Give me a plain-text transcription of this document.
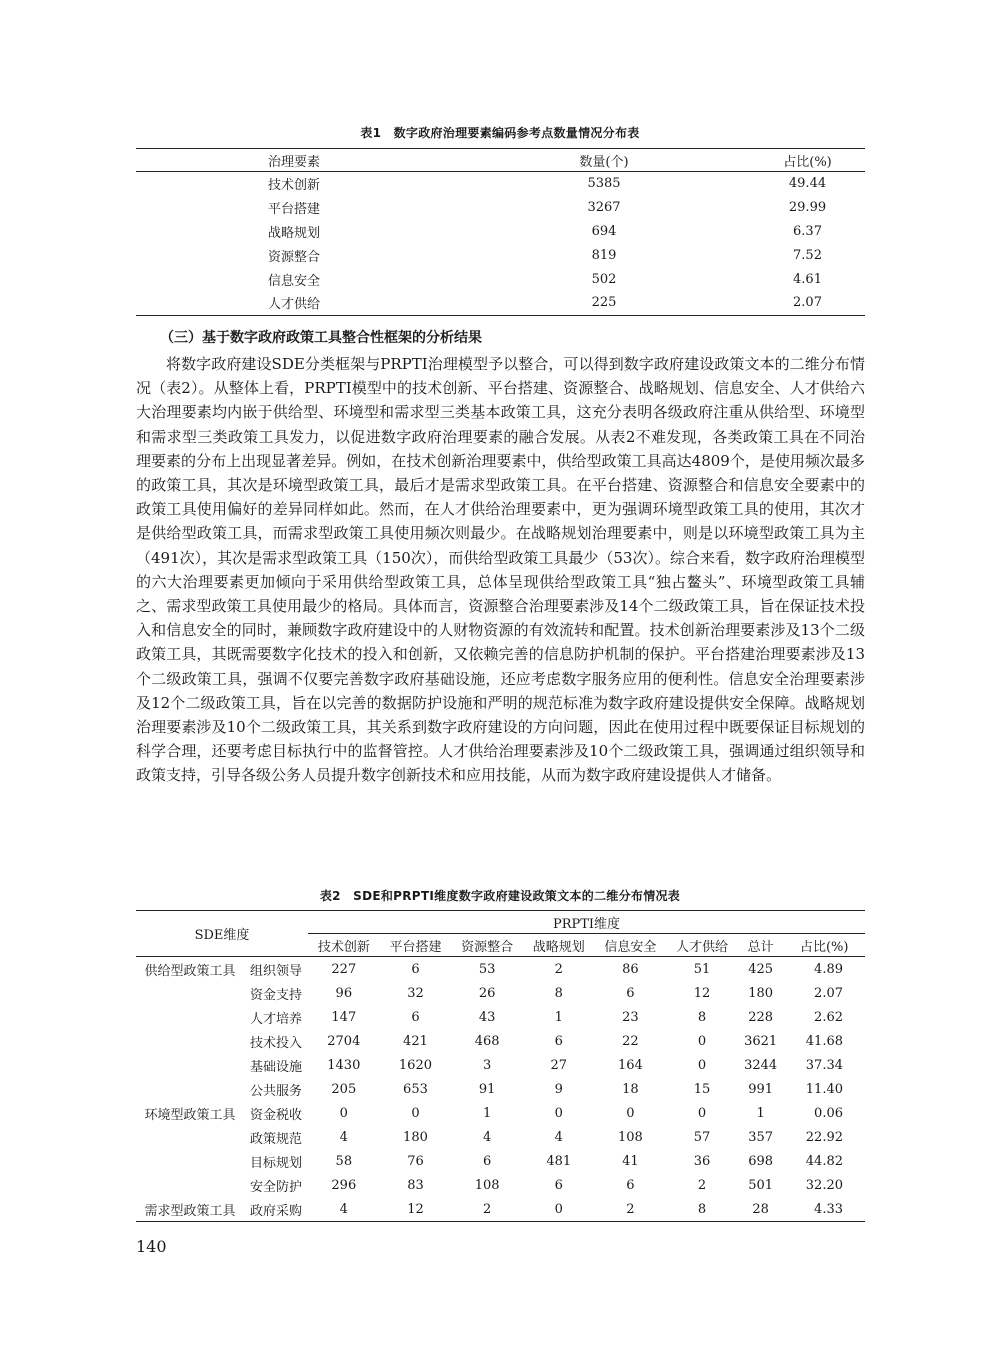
表1　数字政府治理要素编码参考点数量情况分布表
治理要素	数量(个)	占比(%)
技术创新	5385	49.44
平台搭建	3267	29.99
战略规划	694	6.37
资源整合	819	7.52
信息安全	502	4.61
人才供给	225	2.07
（三）基于数字政府政策工具整合性框架的分析结果

将数字政府建设SDE分类框架与PRPTI治理模型予以整合，可以得到数字政府建设政策文本的二维分布情况（表2）。从整体上看，PRPTI模型中的技术创新、平台搭建、资源整合、战略规划、信息安全、人才供给六大治理要素均内嵌于供给型、环境型和需求型三类基本政策工具，这充分表明各级政府注重从供给型、环境型和需求型三类政策工具发力，以促进数字政府治理要素的融合发展。从表2不难发现，各类政策工具在不同治理要素的分布上出现显著差异。例如，在技术创新治理要素中，供给型政策工具高达4809个，是使用频次最多的政策工具，其次是环境型政策工具，最后才是需求型政策工具。在平台搭建、资源整合和信息安全要素中的政策工具使用偏好的差异同样如此。然而，在人才供给治理要素中，更为强调环境型政策工具的使用，其次才是供给型政策工具，而需求型政策工具使用频次则最少。在战略规划治理要素中，则是以环境型政策工具为主（491次），其次是需求型政策工具（150次），而供给型政策工具最少（53次）。综合来看，数字政府治理模型的六大治理要素更加倾向于采用供给型政策工具，总体呈现供给型政策工具“独占鳌头”、环境型政策工具辅之、需求型政策工具使用最少的格局。具体而言，资源整合治理要素涉及14个二级政策工具，旨在保证技术投入和信息安全的同时，兼顾数字政府建设中的人财物资源的有效流转和配置。技术创新治理要素涉及13个二级政策工具，其既需要数字化技术的投入和创新，又依赖完善的信息防护机制的保护。平台搭建治理要素涉及13个二级政策工具，强调不仅要完善数字政府基础设施，还应考虑数字服务应用的便利性。信息安全治理要素涉及12个二级政策工具，旨在以完善的数据防护设施和严明的规范标准为数字政府建设提供安全保障。战略规划治理要素涉及10个二级政策工具，其关系到数字政府建设的方向问题，因此在使用过程中既要保证目标规划的科学合理，还要考虑目标执行中的监督管控。人才供给治理要素涉及10个二级政策工具，强调通过组织领导和政策支持，引导各级公务人员提升数字创新技术和应用技能，从而为数字政府建设提供人才储备。

表2　SDE和PRPTI维度数字政府建设政策文本的二维分布情况表
SDE维度		PRPTI维度							
		技术创新	平台搭建	资源整合	战略规划	信息安全	人才供给	总计	占比(%)
供给型政策工具	组织领导	227	6	53	2	86	51	425	4.89
	资金支持	96	32	26	8	6	12	180	2.07
	人才培养	147	6	43	1	23	8	228	2.62
	技术投入	2704	421	468	6	22	0	3621	41.68
	基础设施	1430	1620	3	27	164	0	3244	37.34
	公共服务	205	653	91	9	18	15	991	11.40
环境型政策工具	资金税收	0	0	1	0	0	0	1	0.06
	政策规范	4	180	4	4	108	57	357	22.92
	目标规划	58	76	6	481	41	36	698	44.82
	安全防护	296	83	108	6	6	2	501	32.20
需求型政策工具	政府采购	4	12	2	0	2	8	28	4.33
140
